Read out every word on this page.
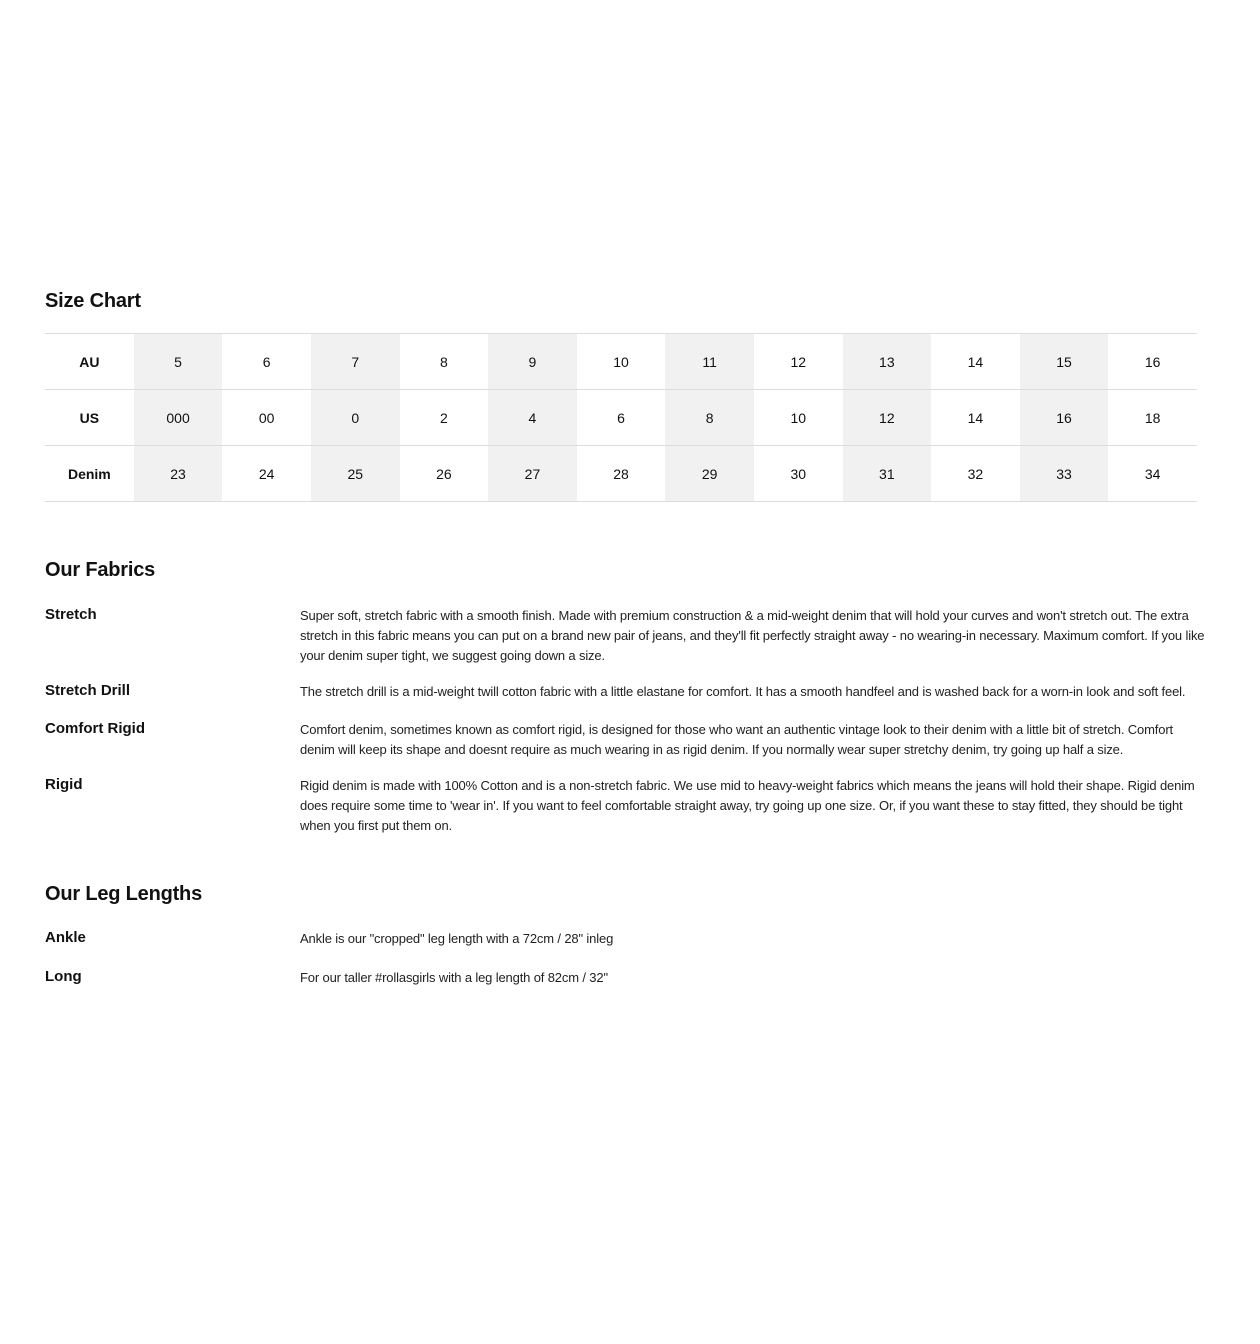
Size Chart
AU	5	6	7	8	9	10	11	12	13	14	15	16
US	000	00	0	2	4	6	8	10	12	14	16	18
Denim	23	24	25	26	27	28	29	30	31	32	33	34
Our Fabrics
Stretch	Super soft, stretch fabric with a smooth finish. Made with premium construction & a mid-weight denim that will hold your curves and won't stretch out. The extra stretch in this fabric means you can put on a brand new pair of jeans, and they'll fit perfectly straight away - no wearing-in necessary. Maximum comfort. If you like your denim super tight, we suggest going down a size.
Stretch Drill	The stretch drill is a mid-weight twill cotton fabric with a little elastane for comfort. It has a smooth handfeel and is washed back for a worn-in look and soft feel.
Comfort Rigid	Comfort denim, sometimes known as comfort rigid, is designed for those who want an authentic vintage look to their denim with a little bit of stretch. Comfort denim will keep its shape and doesnt require as much wearing in as rigid denim. If you normally wear super stretchy denim, try going up half a size.
Rigid	Rigid denim is made with 100% Cotton and is a non-stretch fabric. We use mid to heavy-weight fabrics which means the jeans will hold their shape. Rigid denim does require some time to 'wear in'. If you want to feel comfortable straight away, try going up one size. Or, if you want these to stay fitted, they should be tight when you first put them on.
Our Leg Lengths
Ankle	Ankle is our "cropped" leg length with a 72cm / 28" inleg
Long	For our taller #rollasgirls with a leg length of 82cm / 32"
